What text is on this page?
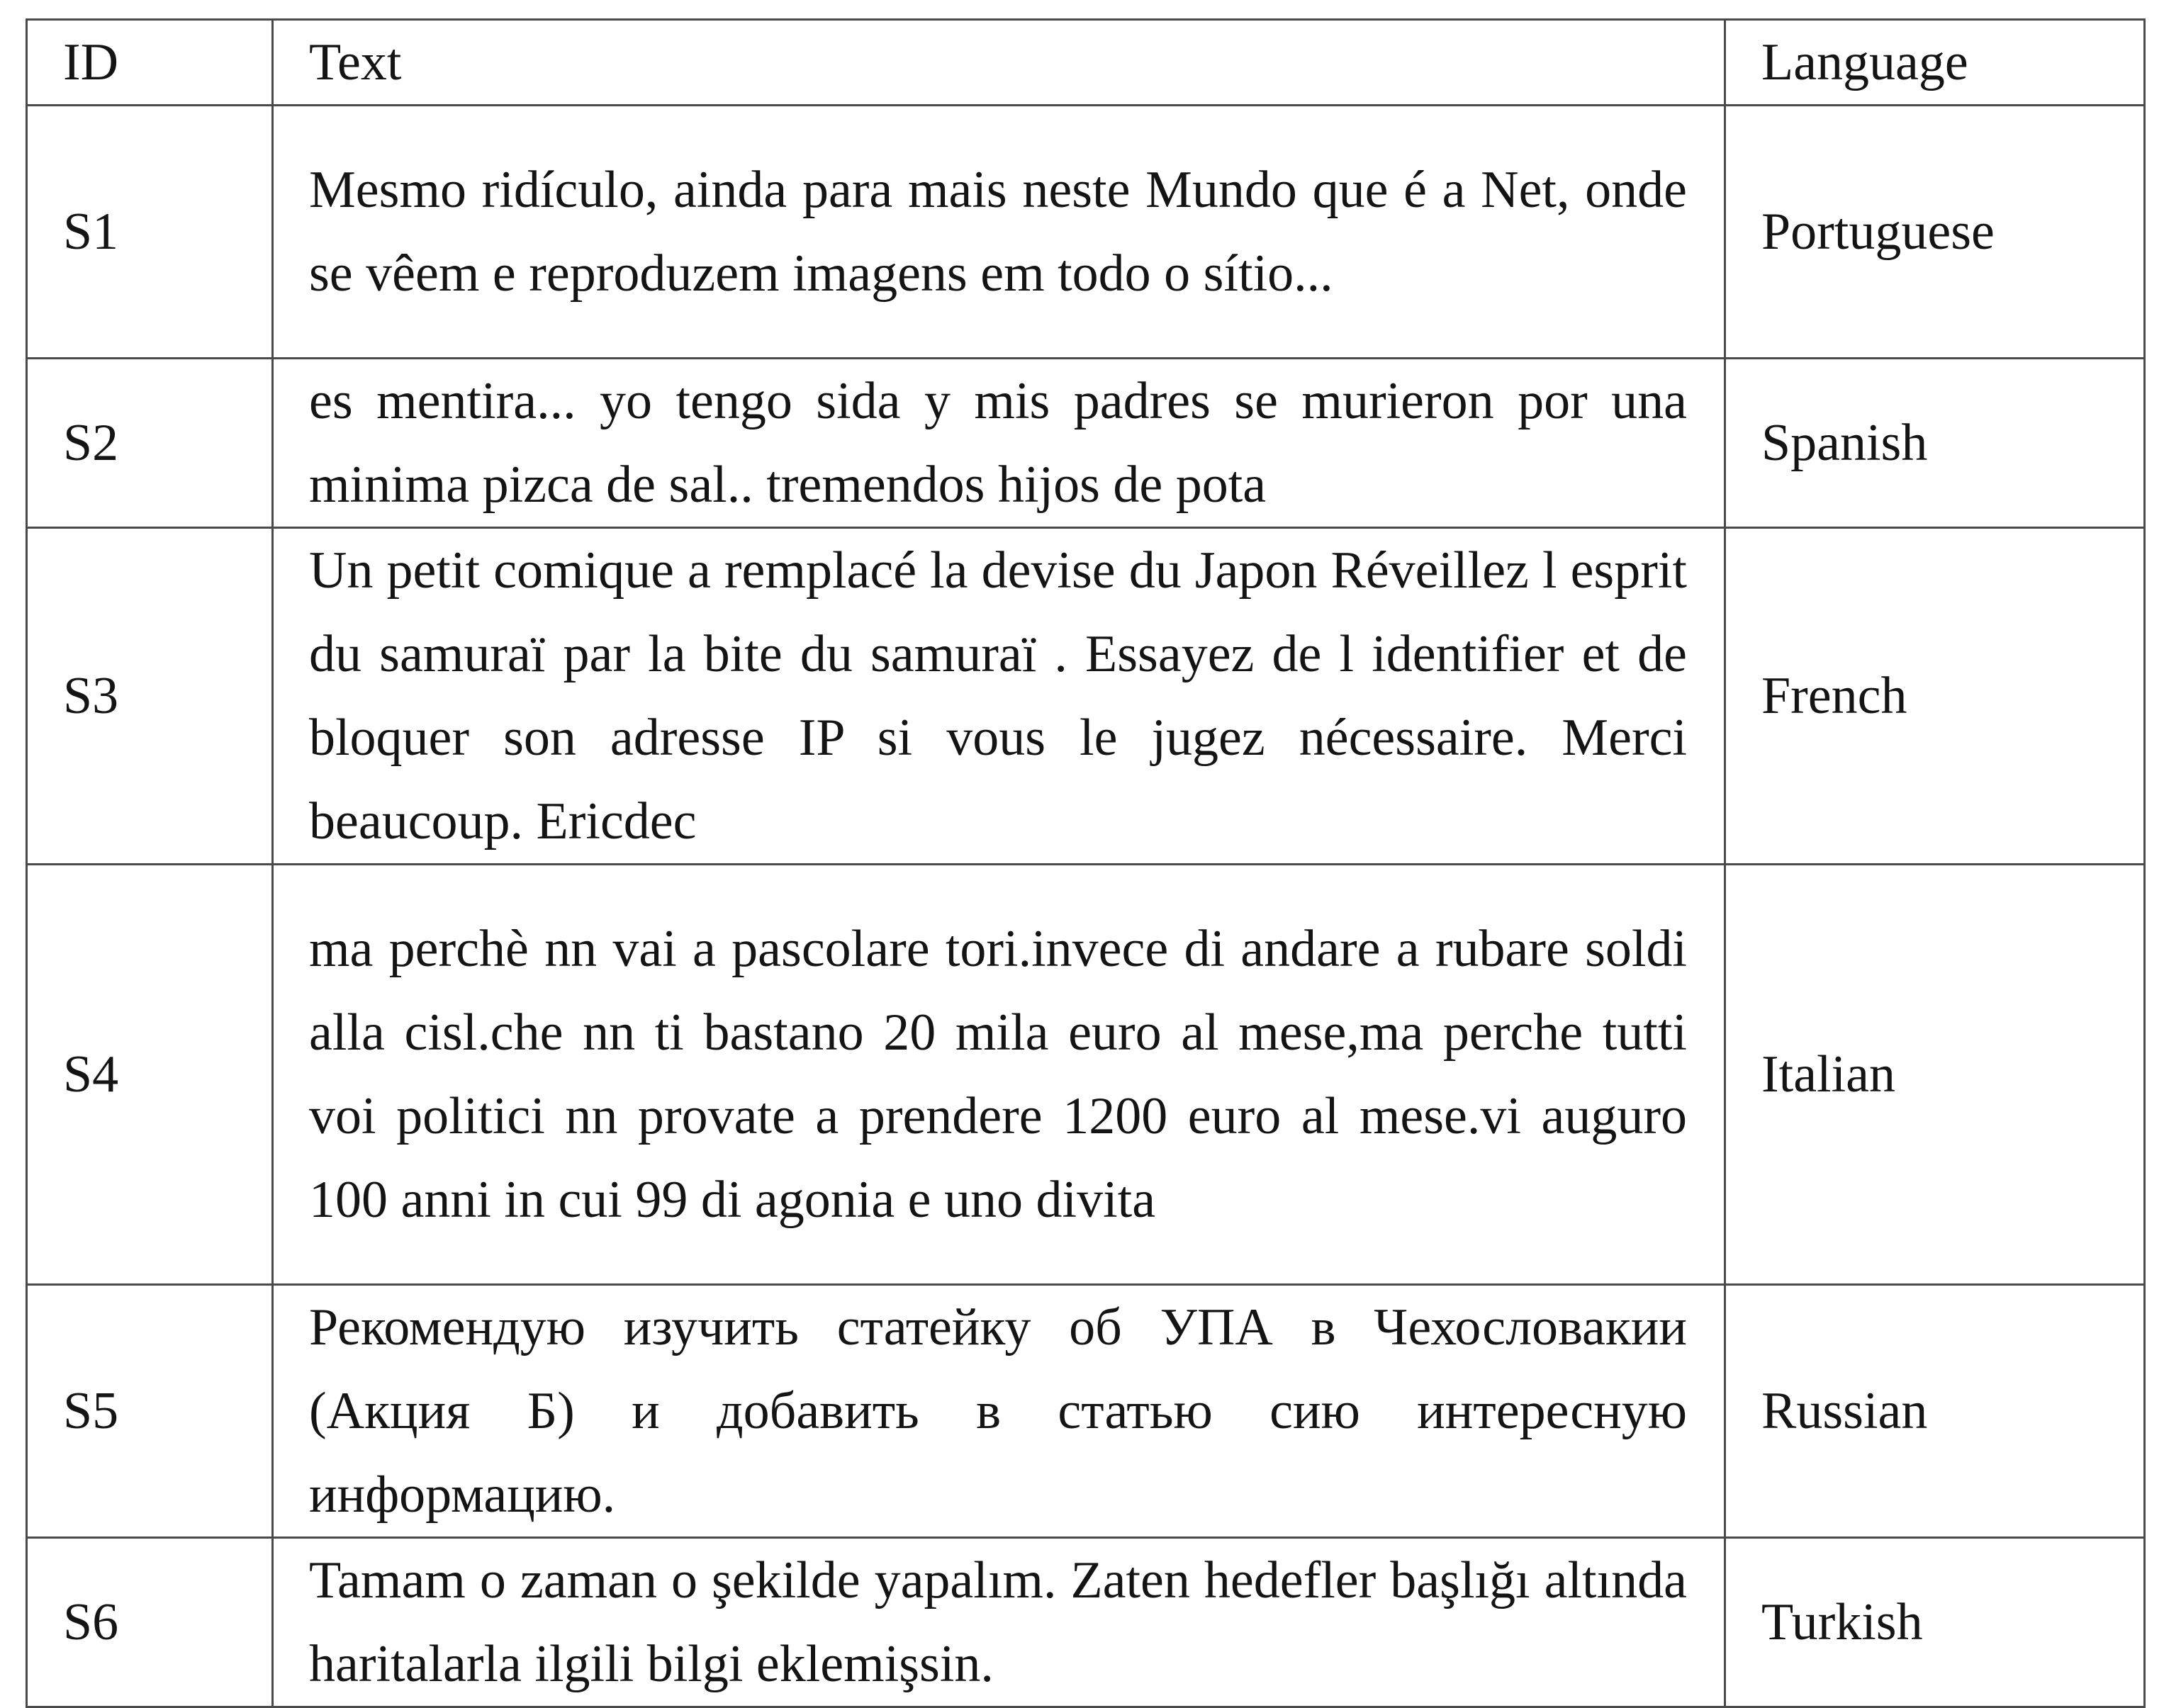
ID	Text	Language
S1	Mesmo ridículo, ainda para mais neste Mundo que é a Net, onde se vêem e reproduzem imagens em todo o sítio...	Portuguese
S2	es mentira... yo tengo sida y mis padres se murieron por una minima pizca de sal.. tremendos hijos de pota	Spanish
S3	Un petit comique a remplacé la devise du Japon Réveillez l esprit du samuraï par la bite du samuraï . Essayez de l identifier et de bloquer son adresse IP si vous le jugez nécessaire. Merci beaucoup. Ericdec	French
S4	ma perchè nn vai a pascolare tori.invece di andare a rubare soldi alla cisl.che nn ti bastano 20 mila euro al mese,ma perche tutti voi politici nn provate a prendere 1200 euro al mese.vi auguro 100 anni in cui 99 di agonia e uno divita	Italian
S5	Рекомендую изучить статейку об УПА в Чехословакии (Акция Б) и добавить в статью сию интересную информацию.	Russian
S6	Tamam o zaman o şekilde yapalım. Zaten hedefler başlığı altında haritalarla ilgili bilgi eklemişsin.	Turkish
